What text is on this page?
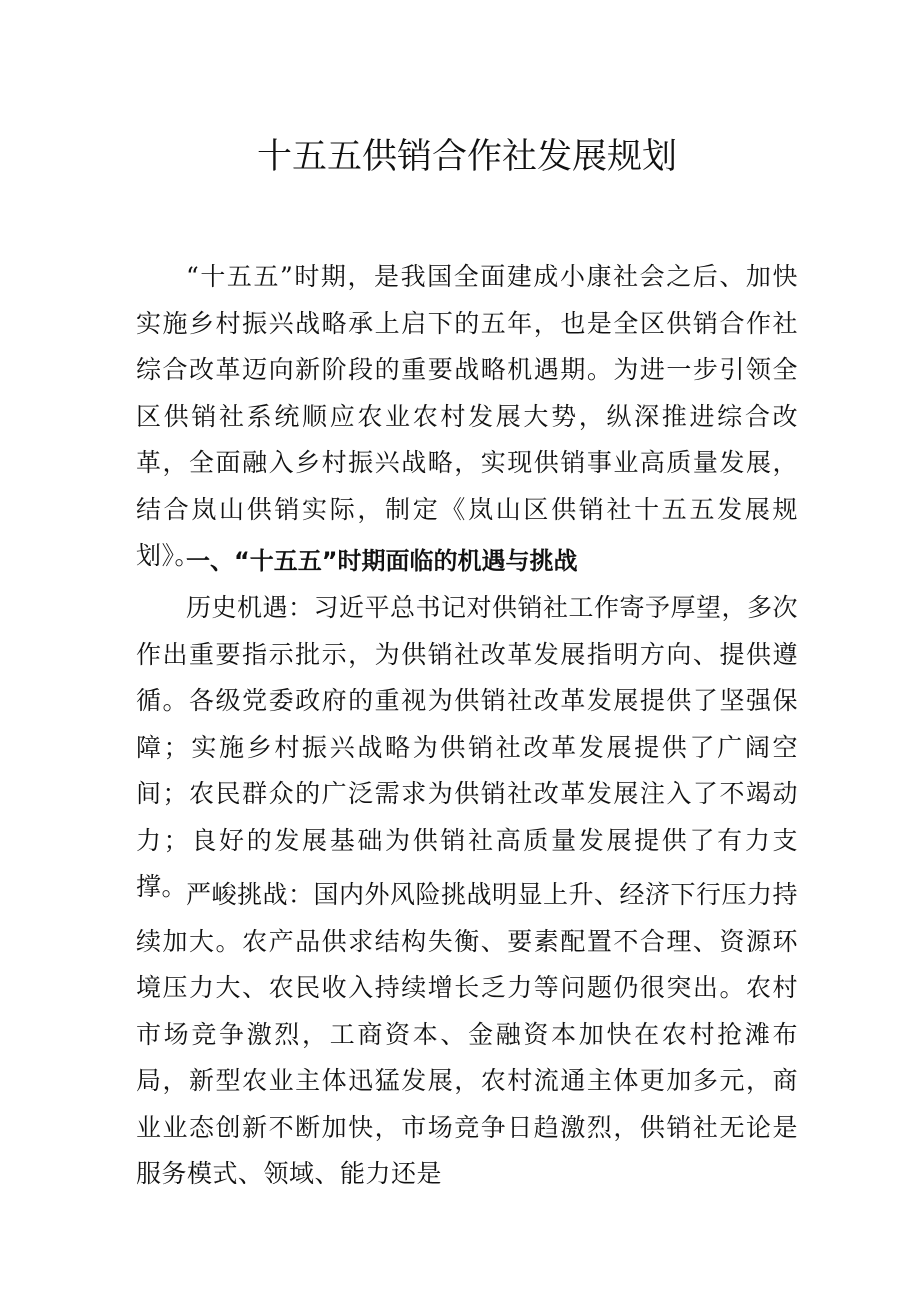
十五五供销合作社发展规划

“十五五”时期，是我国全面建成小康社会之后、加快实施乡村振兴战略承上启下的五年，也是全区供销合作社综合改革迈向新阶段的重要战略机遇期。为进一步引领全区供销社系统顺应农业农村发展大势，纵深推进综合改革，全面融入乡村振兴战略，实现供销事业高质量发展，结合岚山供销实际，制定《岚山区供销社十五五发展规划》。

一、“十五五”时期面临的机遇与挑战

历史机遇：习近平总书记对供销社工作寄予厚望，多次作出重要指示批示，为供销社改革发展指明方向、提供遵循。各级党委政府的重视为供销社改革发展提供了坚强保障；实施乡村振兴战略为供销社改革发展提供了广阔空间；农民群众的广泛需求为供销社改革发展注入了不竭动力；良好的发展基础为供销社高质量发展提供了有力支撑。

严峻挑战：国内外风险挑战明显上升、经济下行压力持续加大。农产品供求结构失衡、要素配置不合理、资源环境压力大、农民收入持续增长乏力等问题仍很突出。农村市场竞争激烈，工商资本、金融资本加快在农村抢滩布局，新型农业主体迅猛发展，农村流通主体更加多元，商业业态创新不断加快，市场竞争日趋激烈，供销社无论是服务模式、领域、能力还是
